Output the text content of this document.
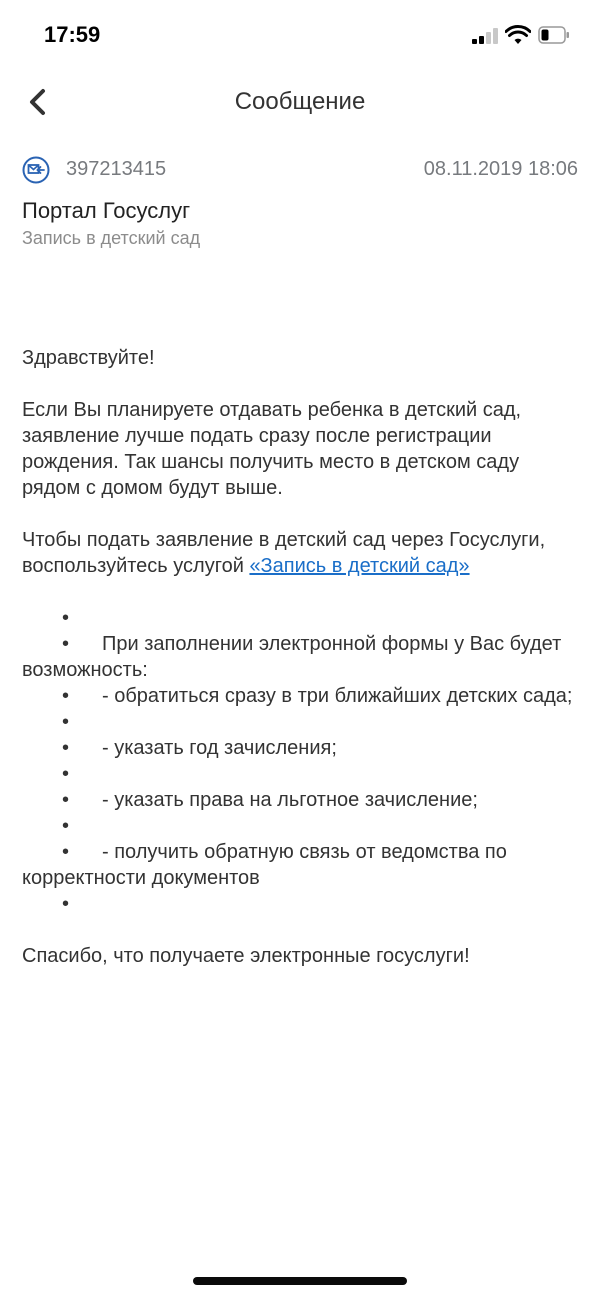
17:59
Сообщение
397213415	08.11.2019 18:06
Портал Госуслуг
Запись в детский сад

Здравствуйте!

Если Вы планируете отдавать ребенка в детский сад, заявление лучше подать сразу после регистрации рождения. Так шансы получить место в детском саду рядом с домом будут выше.

Чтобы подать заявление в детский сад через Госуслуги, воспользуйтесь услугой «Запись в детский сад»

•
• При заполнении электронной формы у Вас будет возможность:
• - обратиться сразу в три ближайших детских сада;
•
• - указать год зачисления;
•
• - указать права на льготное зачисление;
•
• - получить обратную связь от ведомства по корректности документов
•

Спасибо, что получаете электронные госуслуги!
